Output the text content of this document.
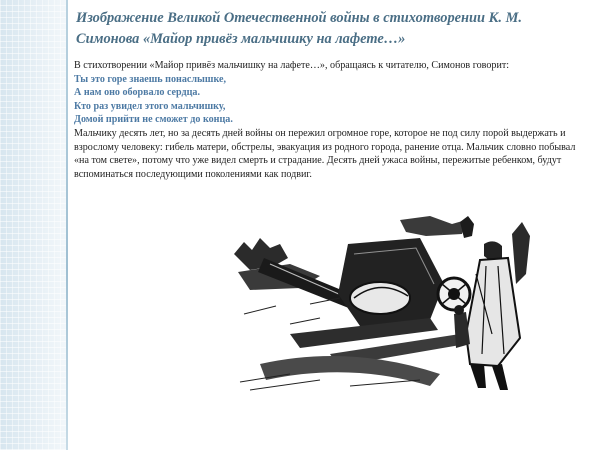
Изображение Великой Отечественной войны в стихотворении К. М. Симонова «Майор привёз мальчишку на лафете…»

В стихотворении «Майор привёз мальчишку на лафете…», обращаясь к читателю, Симонов говорит:

Ты это горе знаешь понаслышке,
А нам оно оборвало сердца.
Кто раз увидел этого мальчишку,
Домой прийти не сможет до конца.

Мальчику десять лет, но за десять дней войны он пережил огромное горе, которое не под силу порой выдержать и взрослому человеку: гибель матери, обстрелы, эвакуация из родного города, ранение отца. Мальчик словно побывал «на том свете», потому что уже видел смерть и страдание. Десять дней ужаса войны, пережитые ребенком, будут вспоминаться последующими поколениями как подвиг.
